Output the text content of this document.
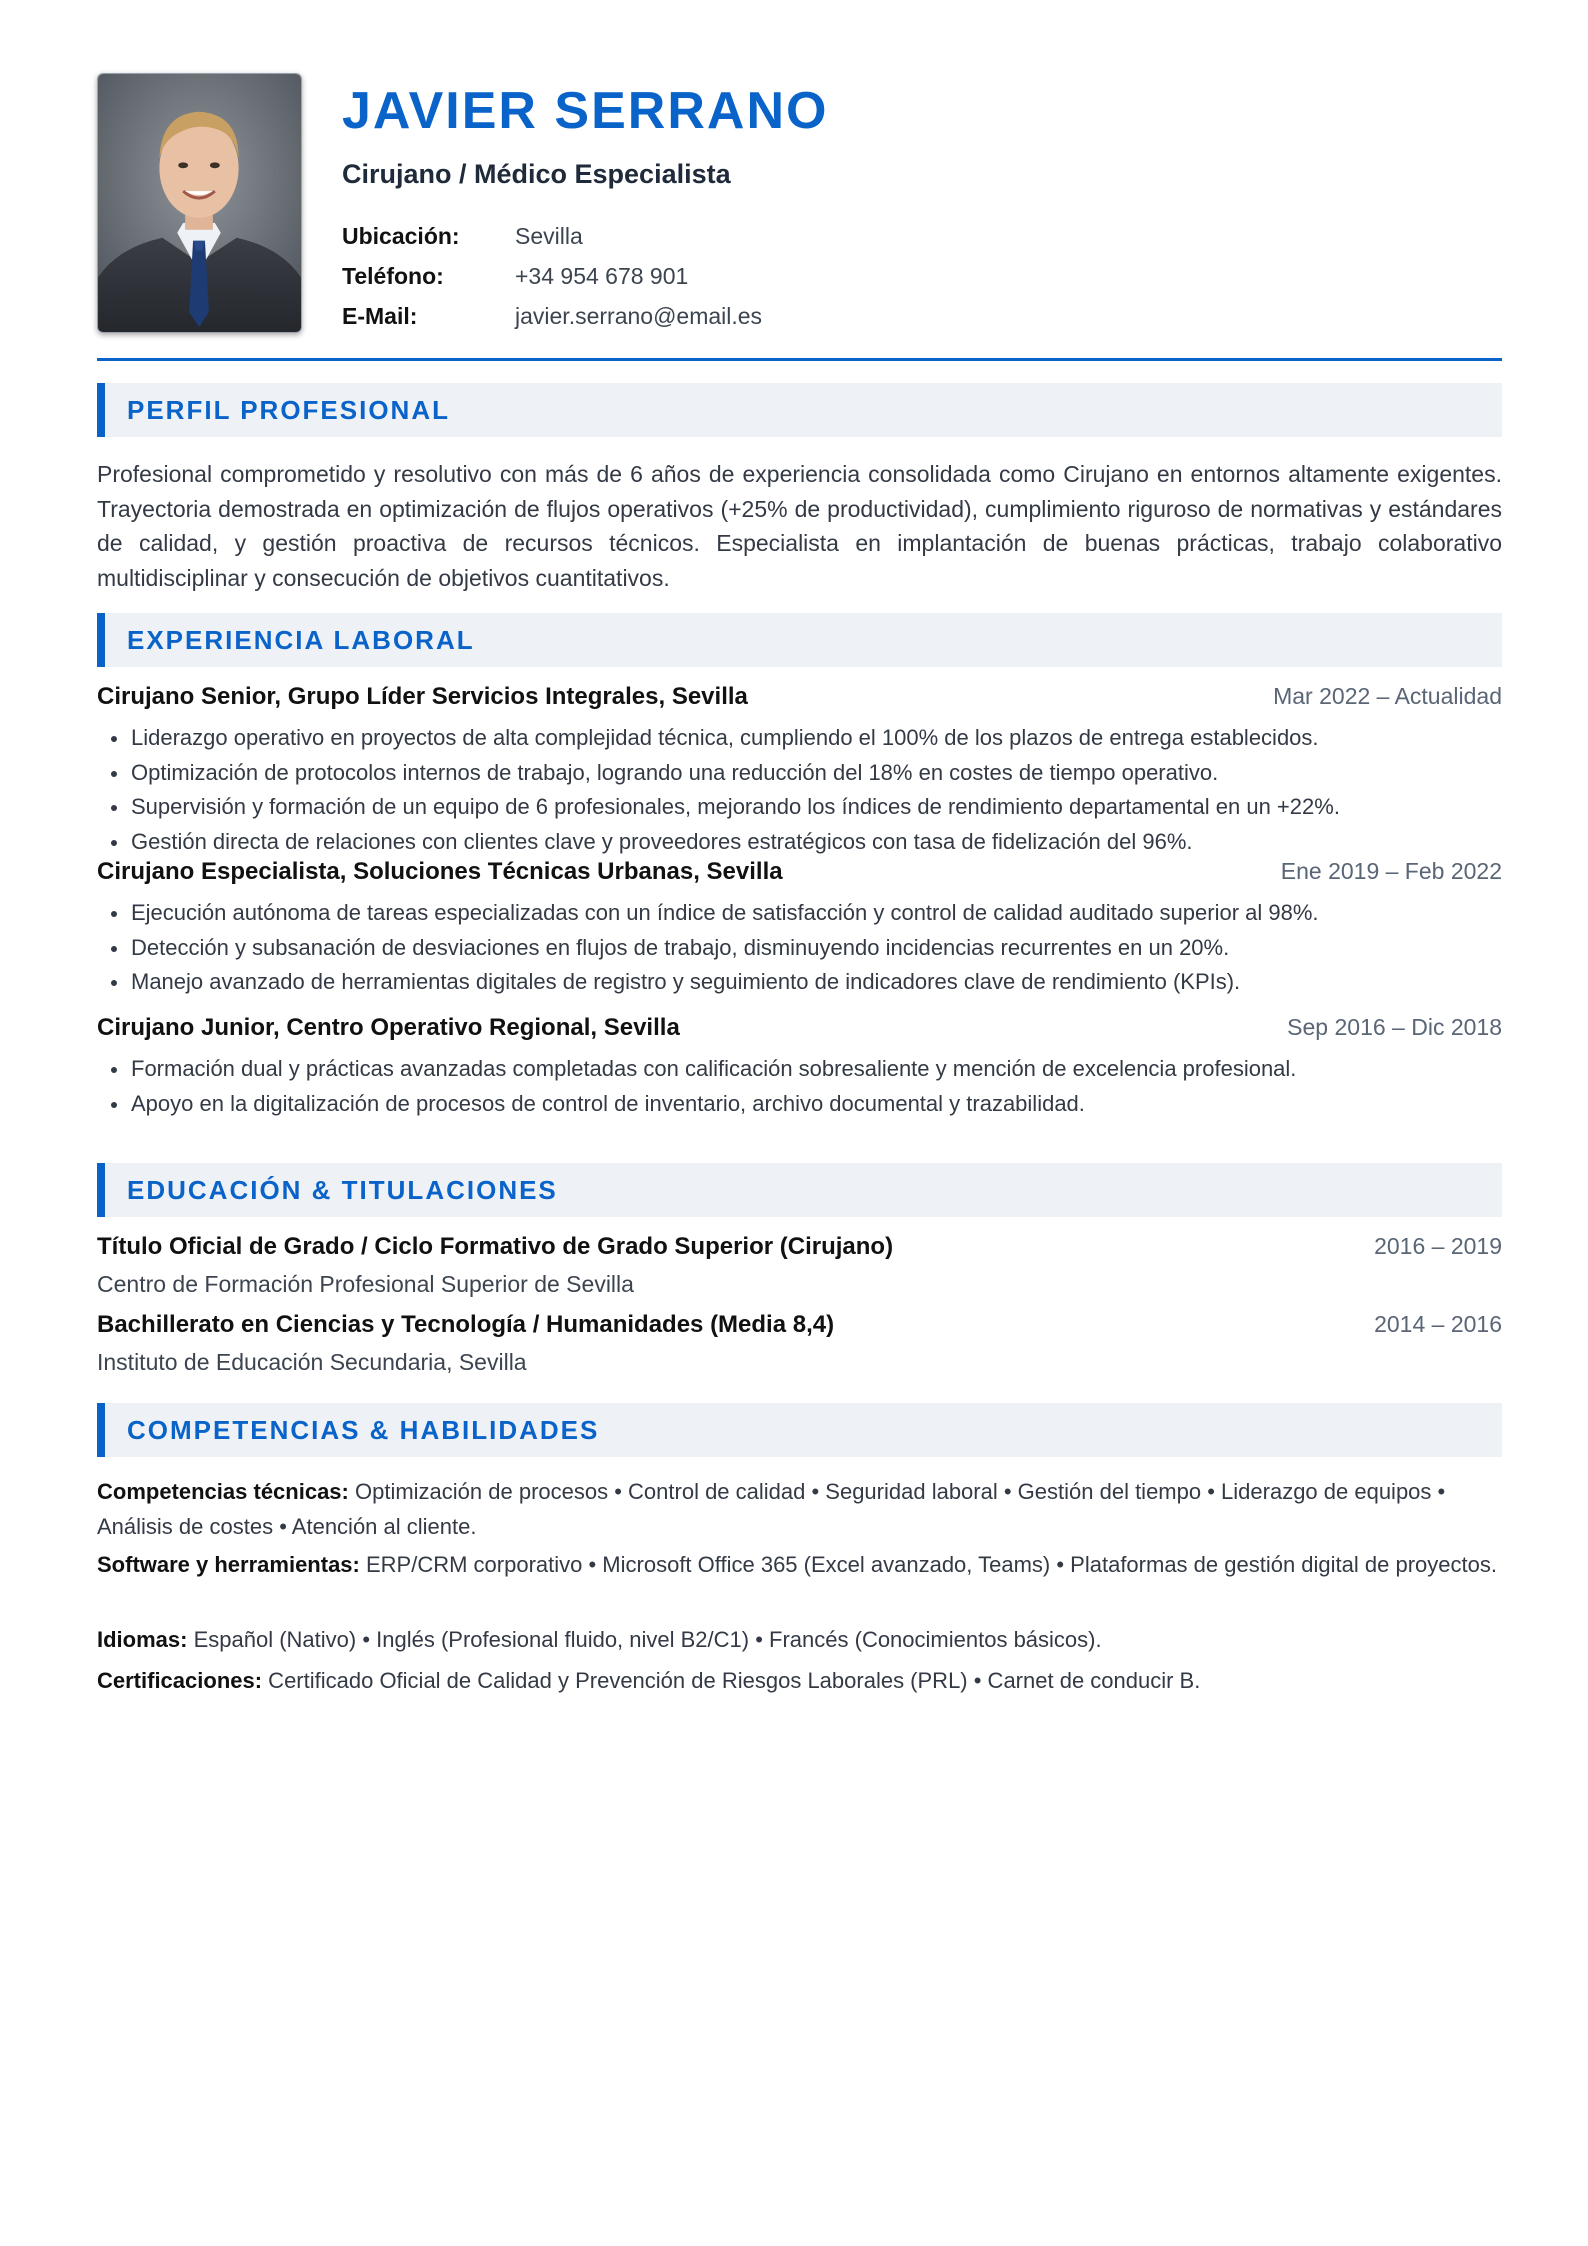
JAVIER SERRANO
Cirujano / Médico Especialista
Ubicación:	Sevilla
Teléfono:	+34 954 678 901
E-Mail:	javier.serrano@email.es
PERFIL PROFESIONAL

Profesional comprometido y resolutivo con más de 6 años de experiencia consolidada como Cirujano en entornos altamente exigentes. Trayectoria demostrada en optimización de flujos operativos (+25% de productividad), cumplimiento riguroso de normativas y estándares de calidad, y gestión proactiva de recursos técnicos. Especialista en implantación de buenas prácticas, trabajo colaborativo multidisciplinar y consecución de objetivos cuantitativos.

EXPERIENCIA LABORAL
Cirujano Senior, Grupo Líder Servicios Integrales, Sevilla	Mar 2022 – Actualidad
Liderazgo operativo en proyectos de alta complejidad técnica, cumpliendo el 100% de los plazos de entrega establecidos.
Optimización de protocolos internos de trabajo, logrando una reducción del 18% en costes de tiempo operativo.
Supervisión y formación de un equipo de 6 profesionales, mejorando los índices de rendimiento departamental en un +22%.
Gestión directa de relaciones con clientes clave y proveedores estratégicos con tasa de fidelización del 96%.
Cirujano Especialista, Soluciones Técnicas Urbanas, Sevilla	Ene 2019 – Feb 2022
Ejecución autónoma de tareas especializadas con un índice de satisfacción y control de calidad auditado superior al 98%.
Detección y subsanación de desviaciones en flujos de trabajo, disminuyendo incidencias recurrentes en un 20%.
Manejo avanzado de herramientas digitales de registro y seguimiento de indicadores clave de rendimiento (KPIs).
Cirujano Junior, Centro Operativo Regional, Sevilla	Sep 2016 – Dic 2018
Formación dual y prácticas avanzadas completadas con calificación sobresaliente y mención de excelencia profesional.
Apoyo en la digitalización de procesos de control de inventario, archivo documental y trazabilidad.
EDUCACIÓN & TITULACIONES
Título Oficial de Grado / Ciclo Formativo de Grado Superior (Cirujano)	2016 – 2019
Centro de Formación Profesional Superior de Sevilla
Bachillerato en Ciencias y Tecnología / Humanidades (Media 8,4)	2014 – 2016
Instituto de Educación Secundaria, Sevilla
COMPETENCIAS & HABILIDADES

Competencias técnicas: Optimización de procesos • Control de calidad • Seguridad laboral • Gestión del tiempo • Liderazgo de equipos • Análisis de costes • Atención al cliente.

Software y herramientas: ERP/CRM corporativo • Microsoft Office 365 (Excel avanzado, Teams) • Plataformas de gestión digital de proyectos.

Idiomas: Español (Nativo) • Inglés (Profesional fluido, nivel B2/C1) • Francés (Conocimientos básicos).

Certificaciones: Certificado Oficial de Calidad y Prevención de Riesgos Laborales (PRL) • Carnet de conducir B.
